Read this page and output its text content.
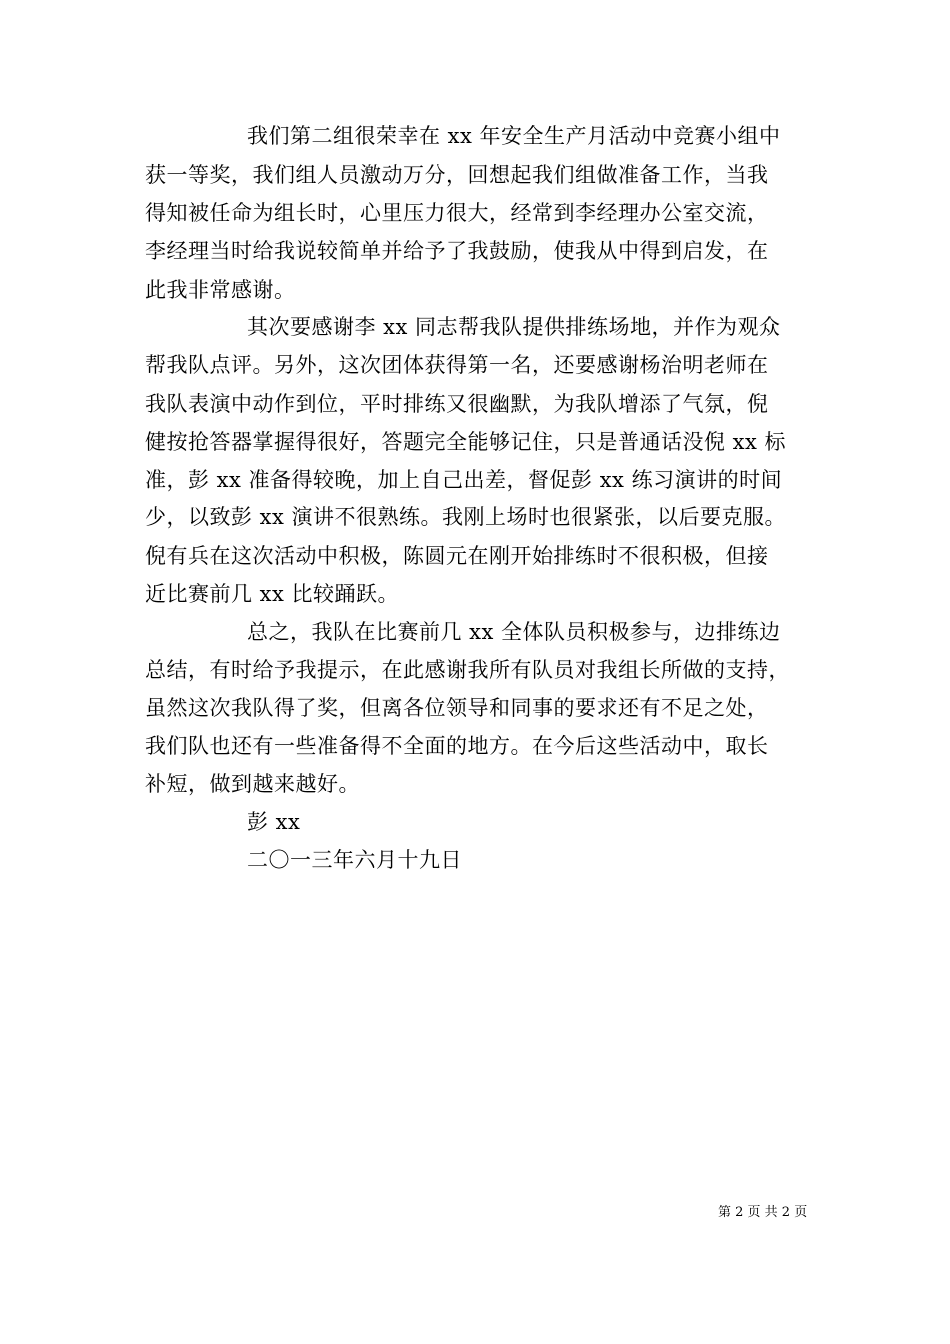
我们第二组很荣幸在 xx 年安全生产月活动中竞赛小组中
获一等奖，我们组人员激动万分，回想起我们组做准备工作，当我
得知被任命为组长时，心里压力很大，经常到李经理办公室交流，
李经理当时给我说较简单并给予了我鼓励，使我从中得到启发，在
此我非常感谢。
其次要感谢李 xx 同志帮我队提供排练场地，并作为观众
帮我队点评。另外，这次团体获得第一名，还要感谢杨治明老师在
我队表演中动作到位，平时排练又很幽默，为我队增添了气氛，倪
健按抢答器掌握得很好，答题完全能够记住，只是普通话没倪 xx 标
准，彭 xx 准备得较晚，加上自己出差，督促彭 xx 练习演讲的时间
少，以致彭 xx 演讲不很熟练。我刚上场时也很紧张，以后要克服。
倪有兵在这次活动中积极，陈圆元在刚开始排练时不很积极，但接
近比赛前几 xx 比较踊跃。
总之，我队在比赛前几 xx 全体队员积极参与，边排练边
总结，有时给予我提示，在此感谢我所有队员对我组长所做的支持，
虽然这次我队得了奖，但离各位领导和同事的要求还有不足之处，
我们队也还有一些准备得不全面的地方。在今后这些活动中，取长
补短，做到越来越好。
彭 xx
二〇一三年六月十九日
第 2 页 共 2 页
